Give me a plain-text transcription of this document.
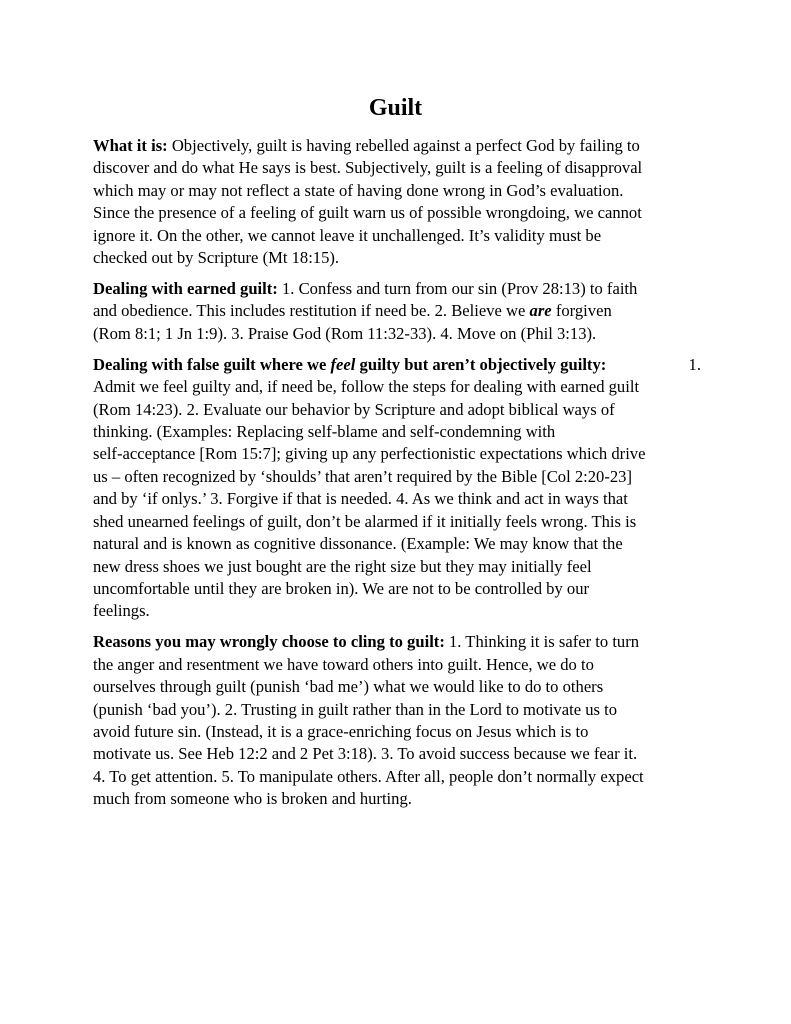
Guilt
What it is: Objectively, guilt is having rebelled against a perfect God by failing to
discover and do what He says is best. Subjectively, guilt is a feeling of disapproval
which may or may not reflect a state of having done wrong in God’s evaluation.
Since the presence of a feeling of guilt warn us of possible wrongdoing, we cannot
ignore it. On the other, we cannot leave it unchallenged. It’s validity must be
checked out by Scripture (Mt 18:15).
Dealing with earned guilt: 1. Confess and turn from our sin (Prov 28:13) to faith
and obedience. This includes restitution if need be. 2. Believe we are forgiven
(Rom 8:1; 1 Jn 1:9). 3. Praise God (Rom 11:32-33). 4. Move on (Phil 3:13).
Dealing with false guilt where we feel guilty but aren’t objectively guilty:	1.
Admit we feel guilty and, if need be, follow the steps for dealing with earned guilt
(Rom 14:23). 2. Evaluate our behavior by Scripture and adopt biblical ways of
thinking. (Examples: Replacing self-blame and self-condemning with
self-acceptance [Rom 15:7]; giving up any perfectionistic expectations which drive
us – often recognized by ‘shoulds’ that aren’t required by the Bible [Col 2:20-23]
and by ‘if onlys.’ 3. Forgive if that is needed. 4. As we think and act in ways that
shed unearned feelings of guilt, don’t be alarmed if it initially feels wrong. This is
natural and is known as cognitive dissonance. (Example: We may know that the
new dress shoes we just bought are the right size but they may initially feel
uncomfortable until they are broken in). We are not to be controlled by our
feelings.
Reasons you may wrongly choose to cling to guilt: 1. Thinking it is safer to turn
the anger and resentment we have toward others into guilt. Hence, we do to
ourselves through guilt (punish ‘bad me’) what we would like to do to others
(punish ‘bad you’). 2. Trusting in guilt rather than in the Lord to motivate us to
avoid future sin. (Instead, it is a grace-enriching focus on Jesus which is to
motivate us. See Heb 12:2 and 2 Pet 3:18). 3. To avoid success because we fear it.
4. To get attention. 5. To manipulate others. After all, people don’t normally expect
much from someone who is broken and hurting.
